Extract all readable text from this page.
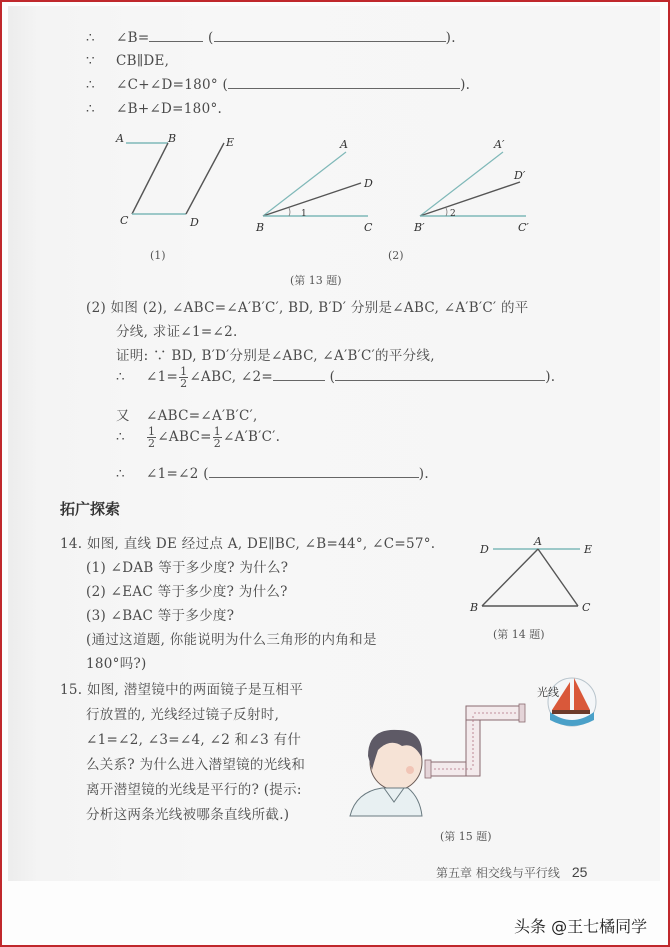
∴ ∠B=	(	).
∵ CB∥DE,
∴ ∠C+∠D=180° (	).
∴ ∠B+∠D=180°.
A	B
C	D
E	A
D
B	C
1
A′
D′
B′	C′
2
(1)	(2)
(第 13 题)
(2) 如图 (2), ∠ABC=∠A′B′C′, BD, B′D′ 分别是∠ABC, ∠A′B′C′ 的平
分线, 求证∠1=∠2.
证明: ∵ BD, B′D′分别是∠ABC, ∠A′B′C′的平分线,
∴ ∠1= $\frac{1}{2}$ ∠ABC, ∠2=	(	).
又 ∠ABC=∠A′B′C′,
∴ $\frac{1}{2}$ ∠ABC= $\frac{1}{2}$ ∠A′B′C′.
∴ ∠1=∠2 (	).
拓广探索
14. 如图, 直线 DE 经过点 A, DE∥BC, ∠B=44°, ∠C=57°.
(1) ∠DAB 等于多少度? 为什么?
(2) ∠EAC 等于多少度? 为什么?
(3) ∠BAC 等于多少度?
(通过这道题, 你能说明为什么三角形的内角和是
180°吗?)
D
A
E
B	C
(第 14 题)
15. 如图, 潜望镜中的两面镜子是互相平
行放置的, 光线经过镜子反射时,
∠1=∠2, ∠3=∠4, ∠2 和∠3 有什
么关系? 为什么进入潜望镜的光线和
离开潜望镜的光线是平行的? (提示:
分析这两条光线被哪条直线所截.)
光线
(第 15 题)
第五章 相交线与平行线 25
头条 @王七橘同学
